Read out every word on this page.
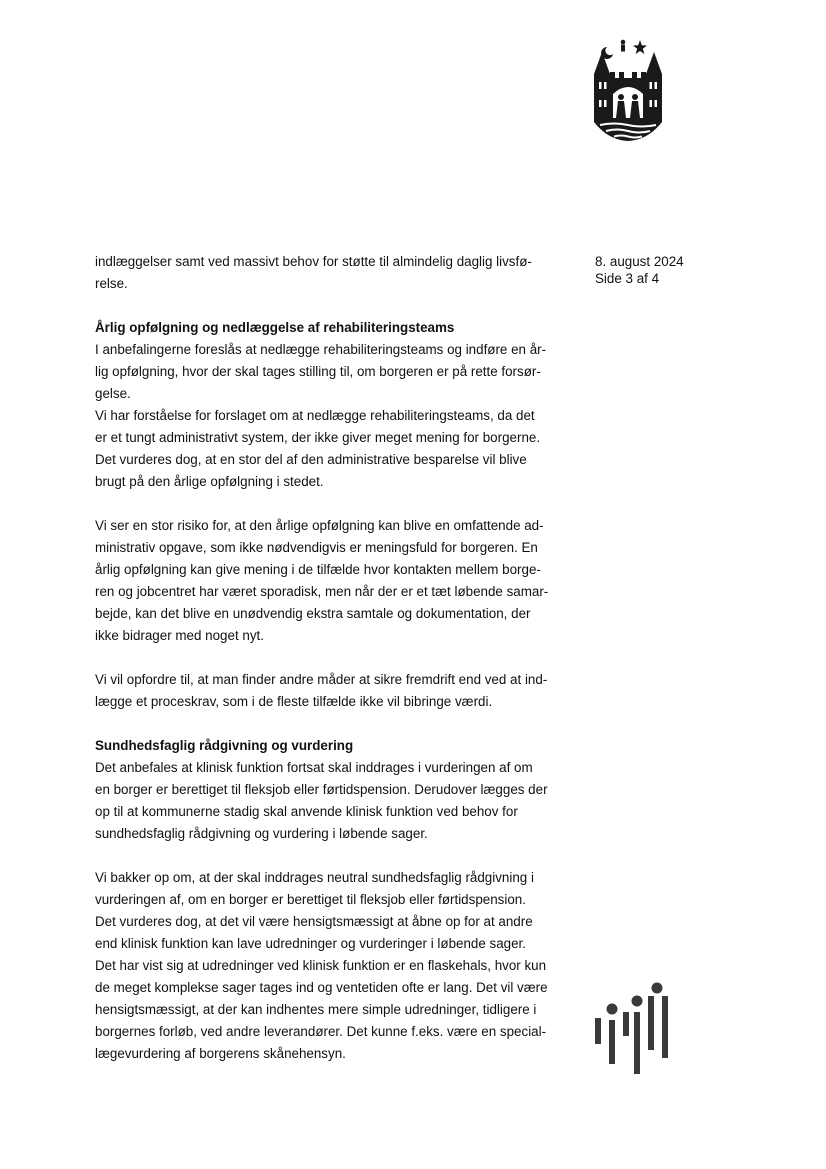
8. august 2024
Side 3 af 4

indlæggelser samt ved massivt behov for støtte til almindelig daglig livsfø-

relse.

Årlig opfølgning og nedlæggelse af rehabiliteringsteams

I anbefalingerne foreslås at nedlægge rehabiliteringsteams og indføre en år-

lig opfølgning, hvor der skal tages stilling til, om borgeren er på rette forsør-

gelse.

Vi har forståelse for forslaget om at nedlægge rehabiliteringsteams, da det

er et tungt administrativt system, der ikke giver meget mening for borgerne.

Det vurderes dog, at en stor del af den administrative besparelse vil blive

brugt på den årlige opfølgning i stedet.

Vi ser en stor risiko for, at den årlige opfølgning kan blive en omfattende ad-

ministrativ opgave, som ikke nødvendigvis er meningsfuld for borgeren. En

årlig opfølgning kan give mening i de tilfælde hvor kontakten mellem borge-

ren og jobcentret har været sporadisk, men når der er et tæt løbende samar-

bejde, kan det blive en unødvendig ekstra samtale og dokumentation, der

ikke bidrager med noget nyt.

Vi vil opfordre til, at man finder andre måder at sikre fremdrift end ved at ind-

lægge et proceskrav, som i de fleste tilfælde ikke vil bibringe værdi.

Sundhedsfaglig rådgivning og vurdering

Det anbefales at klinisk funktion fortsat skal inddrages i vurderingen af om

en borger er berettiget til fleksjob eller førtidspension. Derudover lægges der

op til at kommunerne stadig skal anvende klinisk funktion ved behov for

sundhedsfaglig rådgivning og vurdering i løbende sager.

Vi bakker op om, at der skal inddrages neutral sundhedsfaglig rådgivning i

vurderingen af, om en borger er berettiget til fleksjob eller førtidspension.

Det vurderes dog, at det vil være hensigtsmæssigt at åbne op for at andre

end klinisk funktion kan lave udredninger og vurderinger i løbende sager.

Det har vist sig at udredninger ved klinisk funktion er en flaskehals, hvor kun

de meget komplekse sager tages ind og ventetiden ofte er lang. Det vil være

hensigtsmæssigt, at der kan indhentes mere simple udredninger, tidligere i

borgernes forløb, ved andre leverandører. Det kunne f.eks. være en special-

lægevurdering af borgerens skånehensyn.
